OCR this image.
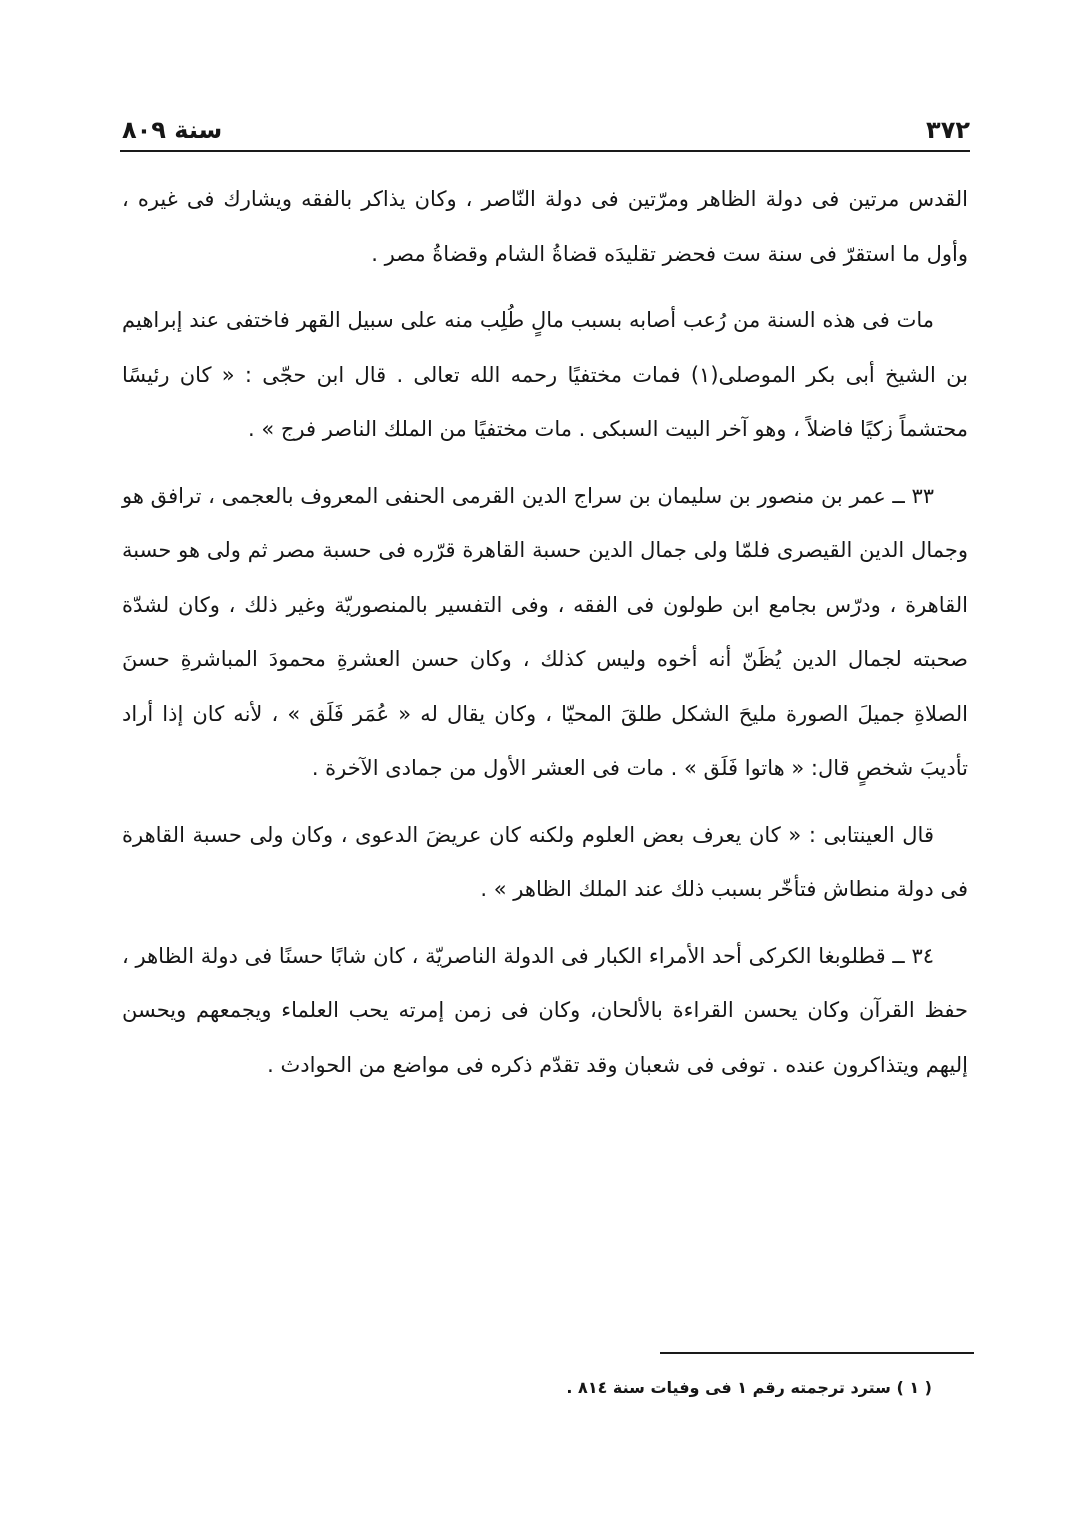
٣٧٢
سنة ٨٠٩

القدس مرتين فى دولة الظاهر ومرّتين فى دولة النّاصر ، وكان يذاكر بالفقه ويشارك فى غيره ، وأول ما استقرّ فى سنة ست فحضر تقليدَه قضاةُ الشام وقضاةُ مصر .

مات فى هذه السنة من رُعب أصابه بسبب مالٍ طُلِب منه على سبيل القهر فاختفى عند إبراهيم بن الشيخ أبى بكر الموصلى(١) فمات مختفيًا رحمه الله تعالى . قال ابن حجّى : « كان رئيسًا محتشماً زكيًا فاضلاً ، وهو آخر البيت السبكى . مات مختفيًا من الملك الناصر فرج » .

٣٣ ــ عمر بن منصور بن سليمان بن سراج الدين القرمى الحنفى المعروف بالعجمى ، ترافق هو وجمال الدين القيصرى فلمّا ولى جمال الدين حسبة القاهرة قرّره فى حسبة مصر ثم ولى هو حسبة القاهرة ، ودرّس بجامع ابن طولون فى الفقه ، وفى التفسير بالمنصوريّة وغير ذلك ، وكان لشدّة صحبته لجمال الدين يُظَنّ أنه أخوه وليس كذلك ، وكان حسن العشرةِ محمودَ المباشرةِ حسنَ الصلاةِ جميلَ الصورة مليحَ الشكل طلقَ المحيّا ، وكان يقال له « عُمَر فَلَق » ، لأنه كان إذا أراد تأديبَ شخصٍ قال: « هاتوا فَلَق » . مات فى العشر الأول من جمادى الآخرة .

قال العينتابى : « كان يعرف بعض العلوم ولكنه كان عريضَ الدعوى ، وكان ولى حسبة القاهرة فى دولة منطاش فتأخّر بسبب ذلك عند الملك الظاهر » .

٣٤ ــ قطلوبغا الكركى أحد الأمراء الكبار فى الدولة الناصريّة ، كان شابًا حسنًا فى دولة الظاهر ، حفظ القرآن وكان يحسن القراءة بالألحان، وكان فى زمن إمرته يحب العلماء ويجمعهم ويحسن إليهم ويتذاكرون عنده . توفى فى شعبان وقد تقدّم ذكره فى مواضع من الحوادث .

( ١ ) سترد ترجمته رقم ١ فى وفيات سنة ٨١٤ .
